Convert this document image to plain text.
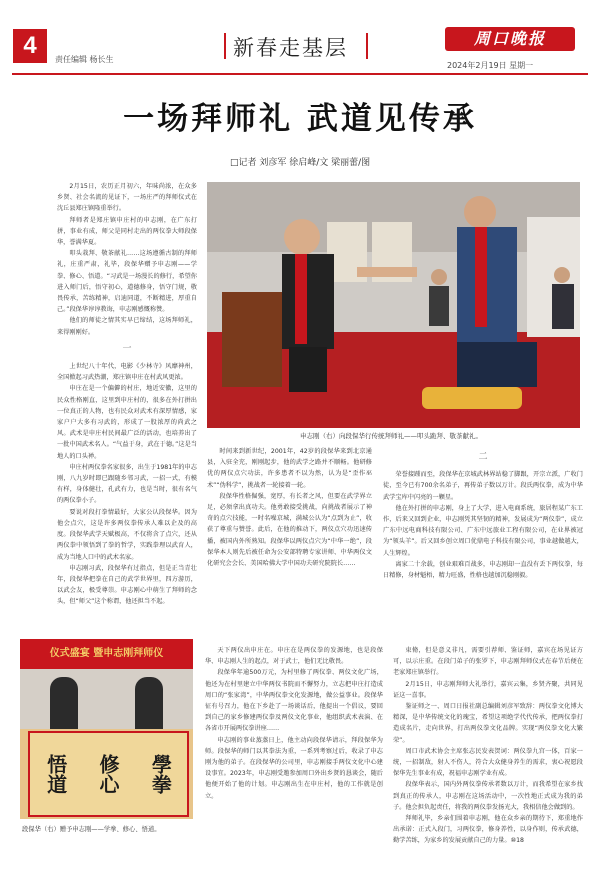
4
责任编辑 杨长生	新春走基层	周口晚报
2024年2月19日 星期一
一场拜师礼 武道见传承
□记者 刘彦军 徐启峰/文 梁丽蕾/图

2月15日，农历正月初六，年味尚浓，在众多乡贤、社会名流的见证下，一场庄严的拜师仪式在沈丘县郑庄镇隆重举行。

拜师者是郑庄镇申庄村的申志刚，在广东打拼，事业有成，师父是同村走出的两仪拳大师段保华，誉满华夏。

叩头栽拜、敬茶献礼……这场遵循古制的拜师礼，庄重严肃，礼毕，段保华赠予申志刚——学拳、修心、悟道。“习武是一场漫长的修行，希望你进入师门后，悟守初心，道德修身，悟守门规，敬畏传承，苦练精神，启迪同道，不断精进，厚重自己。”段保华谆谆教诲，申志刚感慨称赞。

他们的师徒之情其实早已缔结，这场拜师礼，来得刚刚好。

一

上世纪八十年代，电影《少林寺》风靡神州，全国掀起习武热潮，郑庄镇申庄在村武风更浓。

申庄在是一个偏僻的村庄，地近安徽，这里的民众性格刚直，这里到申庄村的，很多在外打拼出一位真正的人物，也有民众对武术有深厚情感，家家户户大多有习武的，形成了一股浓厚的尚武之风。武术是申庄村民间最广泛的活动，也培养出了一批中国武术名人。“气益于身，武在于德。”这是当地人的口头禅。

申庄村两仪拳名家很多，出生于1981年的申志刚，八九岁时即已跟随乡邻习武，一招一式，有模有样，身体健壮，孔武有力，也是当时，很有名气的两仪拳小子。

要说对段打拳情最好，大家公认段保华。因为他会点穴，这是许多两仪拳传承人难以企及的高度。段保华武学天赋极高，不仅将含了点穴，还从两仪拳中领悟到了拳的哲学，实践拳理以武育人，成为当地人口中的武术名家。

申志刚习武，段保华有过指点，但是正当青壮年，段保华把拳在自己的武学世界里，四方游历，以武会友，极受尊崇。申志刚心中萌生了拜师的念头，但“师父”这个称谓，他还担当不起。

申志刚（右）向段保华行传统拜师礼——叩头跪拜、敬茶献礼。

时间来到新世纪，2001年，42岁的段保华来到北京通县，入驻全充，刚刚起步，他的武学之路并不顺畅。他研修优的两仪点穴功法，许多患者不以为然，认为是“歪作巫术”“伪科学”，挑战者一轮接着一轮。

段保华性格倔强，宽厚，有长者之风，但要在武学界立足，必须拿出真功夫。他勇敢接受挑战，向挑战者展示了神奇的点穴技能，一时名噪京城，满城公认为“点到为止”，收获了尊重与赞誉。此后，在他的推动下，两仪点穴功迅速传播，被国内外所熟知。段保华以两仪点穴为“中华一绝”，段保华本人则先后被任命为公安部特聘专家讲师、中华两仪文化研究会会长、美国哈佛大学中国功夫研究院院长……

二

荣誉接踵而至，段保华在京城武林界站稳了脚跟，开宗立派，广收门徒，至今已有700余名弟子，再传弟子数以万计。段氏两仪拳，成为中华武学宝库中闪亮的一颗星。

他在外打拼的申志刚，身上了大学，进入电商系统，旅居程某广东工作，后来又回到企业，申志刚凭其坚韧的精神，发展成为“两仪拳”，成立广东中远电商科技有限公司、广东中远旅业工程有限公司，在业界被冠为“领头羊”。后又回乡创立周口优鼎电子科技有限公司，事业越做越大，人生辉煌。

离家二十余载，创业艰难百战多，申志刚却一直没有丢下两仪拳，每日精修，身材魁梧，精力旺盛，性格也越加沉稳刚毅。

仪式盛宴 暨申志刚拜师仪
悟道 修心 學拳
段保华（右）赠予申志刚——学拳、修心、悟道。

天下两仪出申庄在。申庄在是两仪拳的发源地，也是段保华、申志刚人生的起点，对于武士，他们无比敬畏。

段保华年逾500万元，为村里修了两仪拳、两仪文化广场，他还为在村里建立中华两仪书院而不懈努力，立志把申庄打造成周口的“张家湾”，中华两仪拳文化发源地，做公益事业。段保华征有号召力，他在下乡赴了一场谈话后，他提出一个倡议，要回到自己的家乡修建两仪拳及两仪文化事业，他组织武术表演、在各省市开展两仪拳讲座……

申志刚的事业蒸蒸日上，他主动向段保华请示，拜段保华为师。段保华的师门以其拳法为重，一系列考察过后，收录了申志刚为他的弟子。在段保华的公司里，申志刚接手两仪文化中心建设事宜。2023年，申志刚受邀参加周口外出乡贤的恳谈会，随后他便开始了他的计划。申志刚出生在申庄村，他的工作就是创立。

束脩，但是意义非凡，需要引荐师、鉴证师，嘉宾在场见证方可，以示庄重。在段门弟子的张罗下，申志刚拜师仪式在春节后便在老家郑庄镇举行。

2月15日，申志刚拜师大礼举行，嘉宾云集，乡贤齐聚，共同见证这一喜事。

鉴证师之一、周口日报社副总编辑刘彦军致辞：两仪拳文化博大精深，是中华传统文化的瑰宝，希望这项绝学代代传承，把两仪拳打造成名片，走向世界，打出两仪拳文化品牌。实现“两仪拳文化大繁荣”。

周口市武术协会主席张志民发表贺词：两仪拳九宫一体，百家一统，一招制敌，射人不伤人，符合大众健身养生的需求，衷心祝愿段保华先生事业有成，祝福申志刚学业有成。

段保华表示，国内外两仪拳传承者数以万计，而我希望在家乡找到真正的传承人，申志刚在这场活动中，一次性地正式成为我的弟子。他会担负起责任，将我的两仪拳发扬光大，我相信他会做到的。

拜师礼毕，乡亲们围着申志刚，他在众乡亲的期待下，郑重地作出承诺：正式入段门，习两仪拳，修身养性，以身作则，传承武德，勤学苦练，为家乡的发展贡献自己的力量。⑩18
